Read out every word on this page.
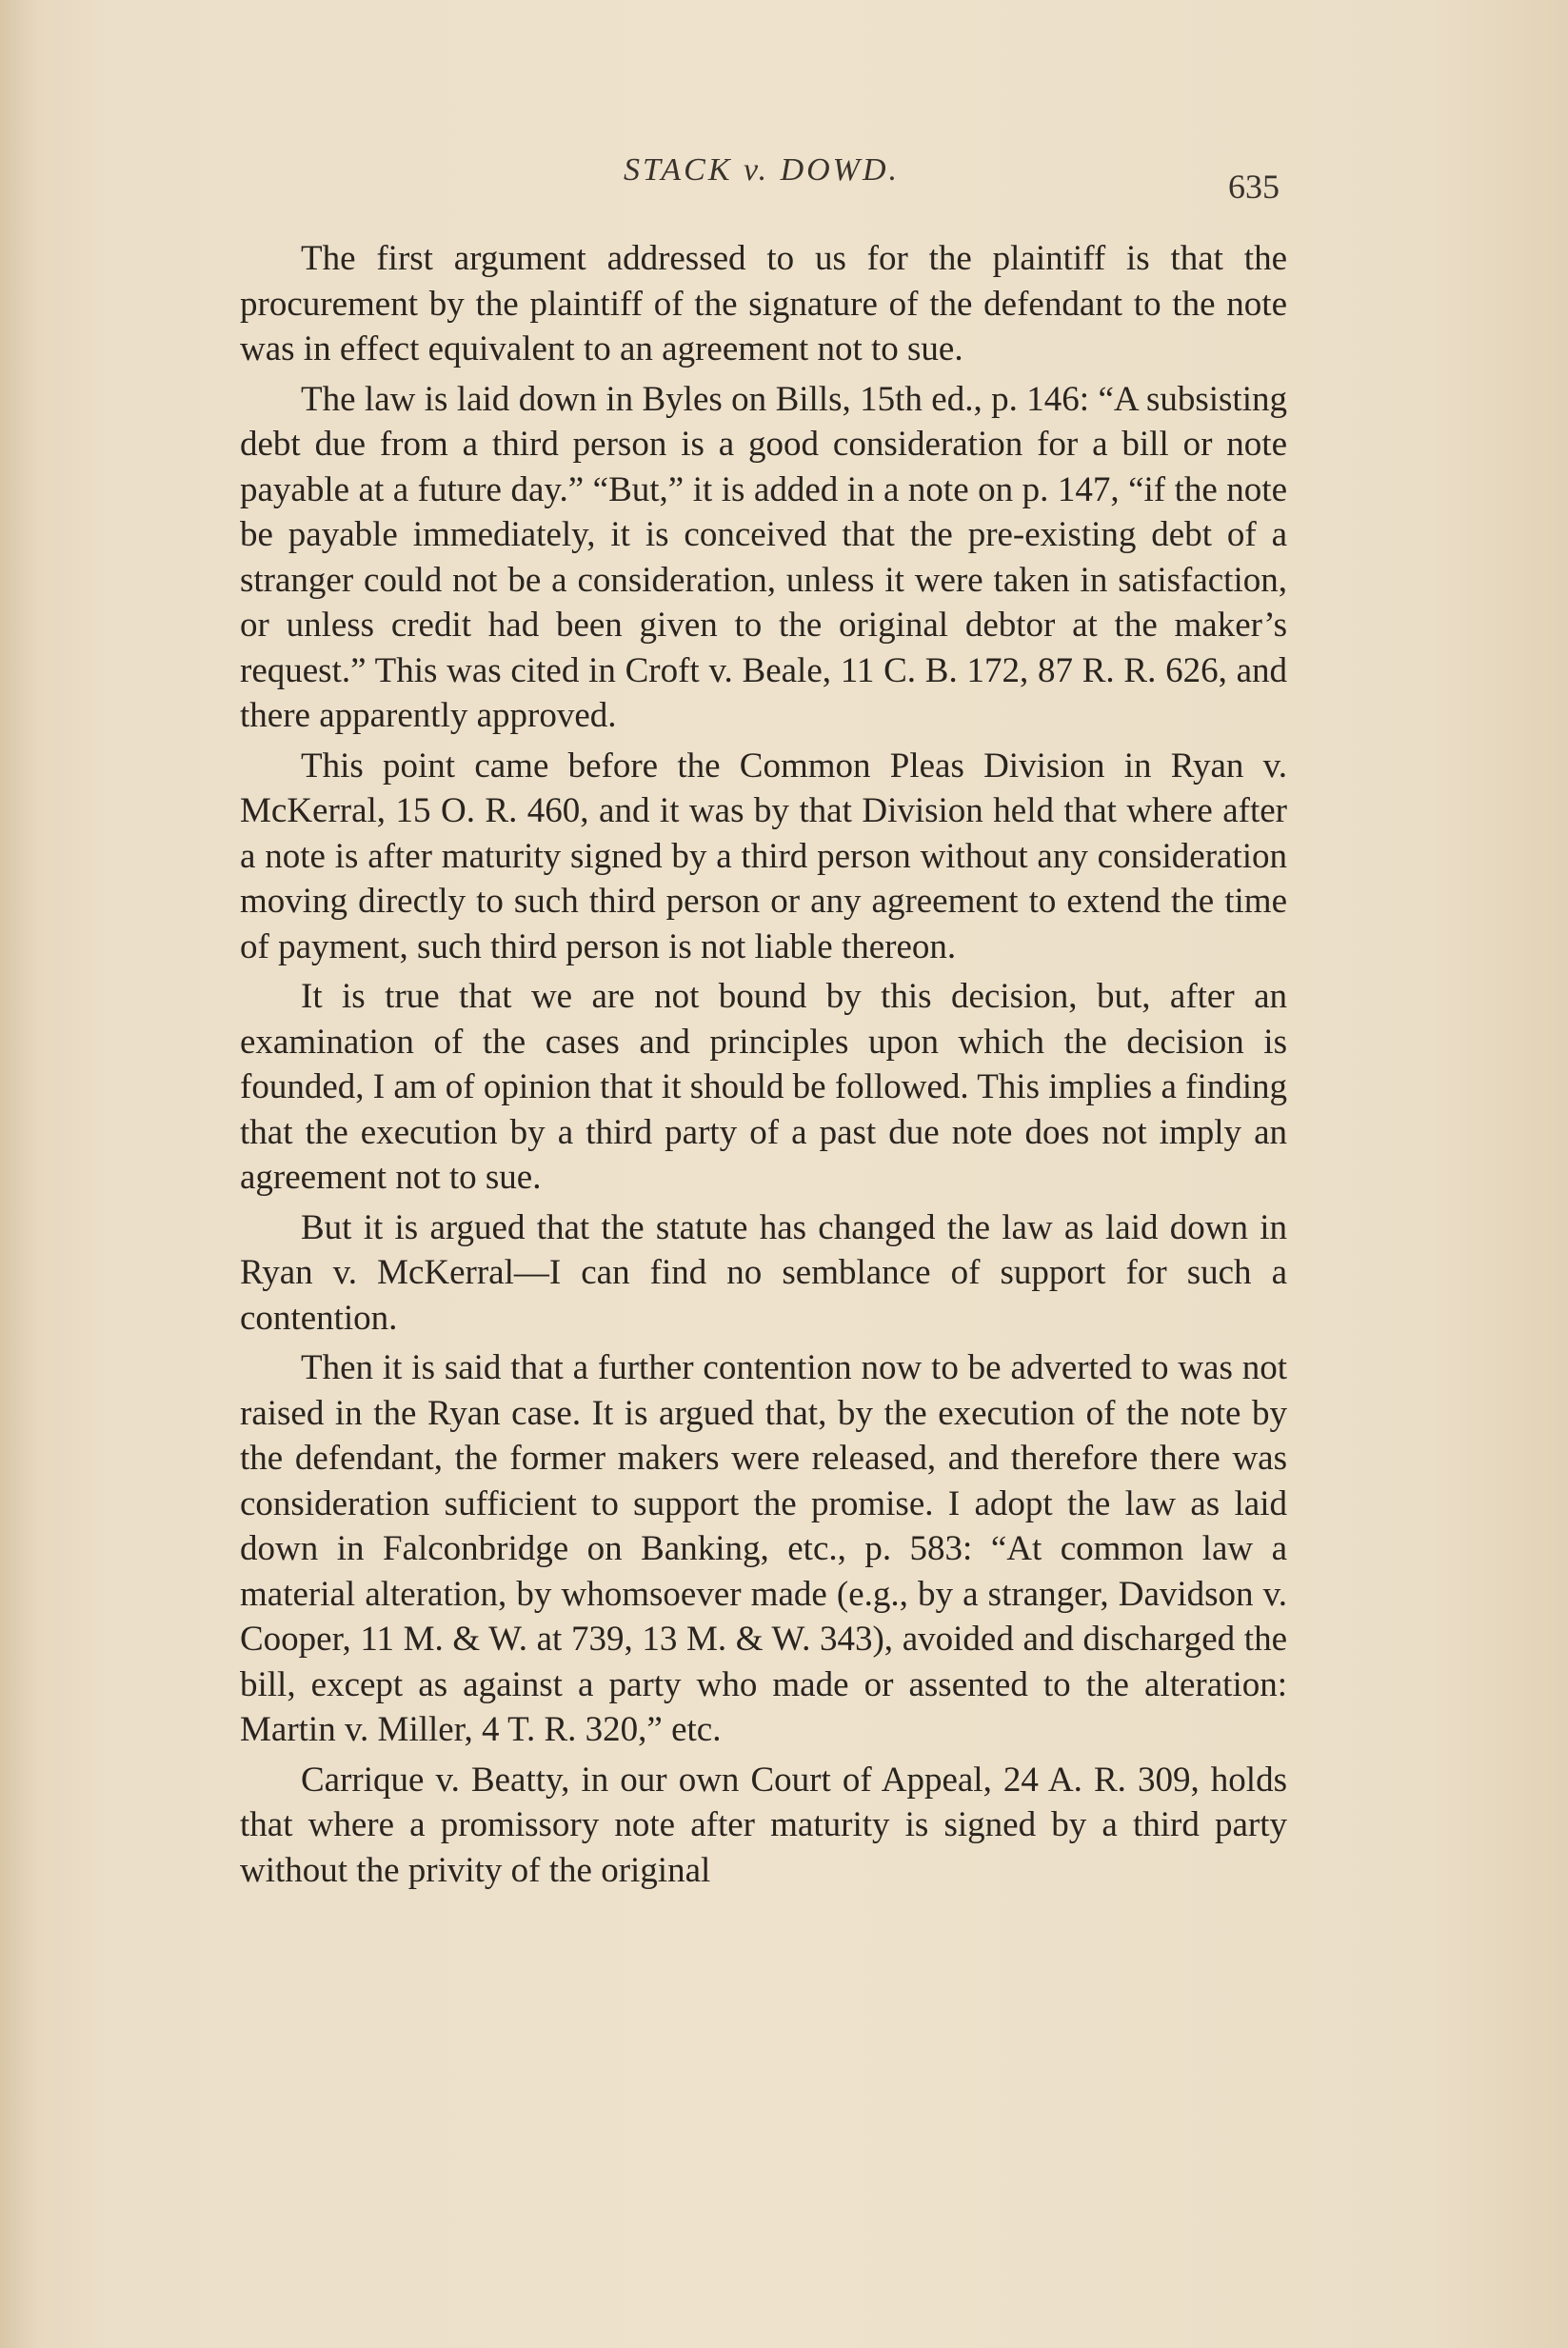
STACK v. DOWD.	635

The first argument addressed to us for the plaintiff is that the procurement by the plaintiff of the signature of the defendant to the note was in effect equivalent to an agreement not to sue.

The law is laid down in Byles on Bills, 15th ed., p. 146: “A subsisting debt due from a third person is a good consideration for a bill or note payable at a future day.” “But,” it is added in a note on p. 147, “if the note be payable immediately, it is conceived that the pre-existing debt of a stranger could not be a consideration, unless it were taken in satisfaction, or unless credit had been given to the original debtor at the maker’s request.” This was cited in Croft v. Beale, 11 C. B. 172, 87 R. R. 626, and there apparently approved.

This point came before the Common Pleas Division in Ryan v. McKerral, 15 O. R. 460, and it was by that Division held that where after a note is after maturity signed by a third person without any consideration moving directly to such third person or any agreement to extend the time of payment, such third person is not liable thereon.

It is true that we are not bound by this decision, but, after an examination of the cases and principles upon which the decision is founded, I am of opinion that it should be followed. This implies a finding that the execution by a third party of a past due note does not imply an agreement not to sue.

But it is argued that the statute has changed the law as laid down in Ryan v. McKerral—I can find no semblance of support for such a contention.

Then it is said that a further contention now to be adverted to was not raised in the Ryan case. It is argued that, by the execution of the note by the defendant, the former makers were released, and therefore there was consideration sufficient to support the promise. I adopt the law as laid down in Falconbridge on Banking, etc., p. 583: “At common law a material alteration, by whomsoever made (e.g., by a stranger, Davidson v. Cooper, 11 M. & W. at 739, 13 M. & W. 343), avoided and discharged the bill, except as against a party who made or assented to the alteration: Martin v. Miller, 4 T. R. 320,” etc.

Carrique v. Beatty, in our own Court of Appeal, 24 A. R. 309, holds that where a promissory note after maturity is signed by a third party without the privity of the original
